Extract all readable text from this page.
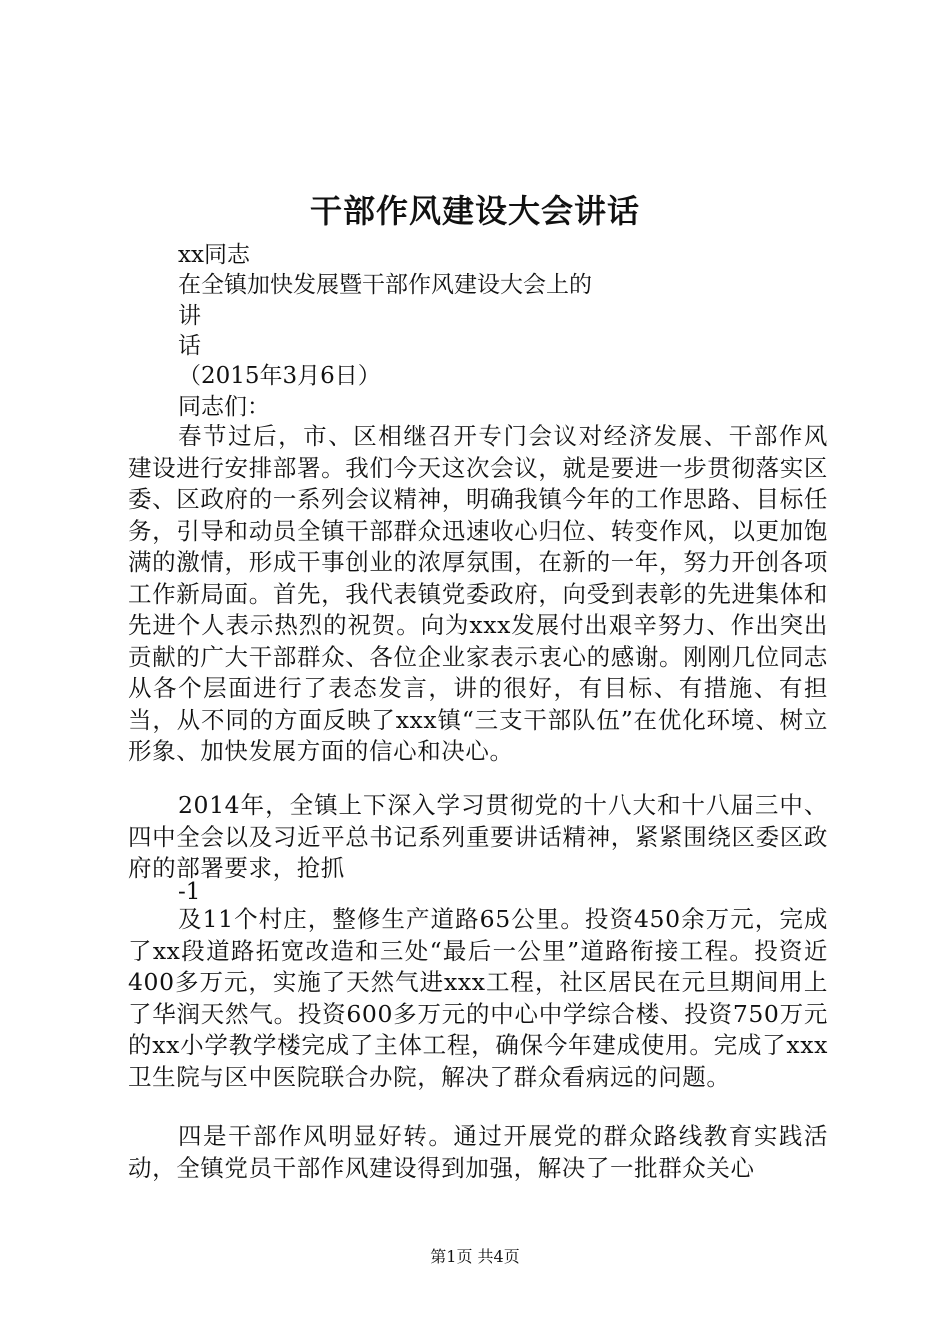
干部作风建设大会讲话
xx同志
在全镇加快发展暨干部作风建设大会上的
讲
话
（2015年3月6日）
同志们：
春节过后，市、区相继召开专门会议对经济发展、干部作风建设进行安排部署。我们今天这次会议，就是要进一步贯彻落实区委、区政府的一系列会议精神，明确我镇今年的工作思路、目标任务，引导和动员全镇干部群众迅速收心归位、转变作风，以更加饱满的激情，形成干事创业的浓厚氛围，在新的一年，努力开创各项工作新局面。首先，我代表镇党委政府，向受到表彰的先进集体和先进个人表示热烈的祝贺。向为xxx发展付出艰辛努力、作出突出贡献的广大干部群众、各位企业家表示衷心的感谢。刚刚几位同志从各个层面进行了表态发言，讲的很好，有目标、有措施、有担当，从不同的方面反映了xxx镇“三支干部队伍”在优化环境、树立形象、加快发展方面的信心和决心。
2014年，全镇上下深入学习贯彻党的十八大和十八届三中、四中全会以及习近平总书记系列重要讲话精神，紧紧围绕区委区政府的部署要求，抢抓
-1
及11个村庄，整修生产道路65公里。投资450余万元，完成了xx段道路拓宽改造和三处“最后一公里”道路衔接工程。投资近400多万元，实施了天然气进xxx工程，社区居民在元旦期间用上了华润天然气。投资600多万元的中心中学综合楼、投资750万元的xx小学教学楼完成了主体工程，确保今年建成使用。完成了xxx卫生院与区中医院联合办院，解决了群众看病远的问题。
四是干部作风明显好转。通过开展党的群众路线教育实践活动，全镇党员干部作风建设得到加强，解决了一批群众关心
第1页 共4页
